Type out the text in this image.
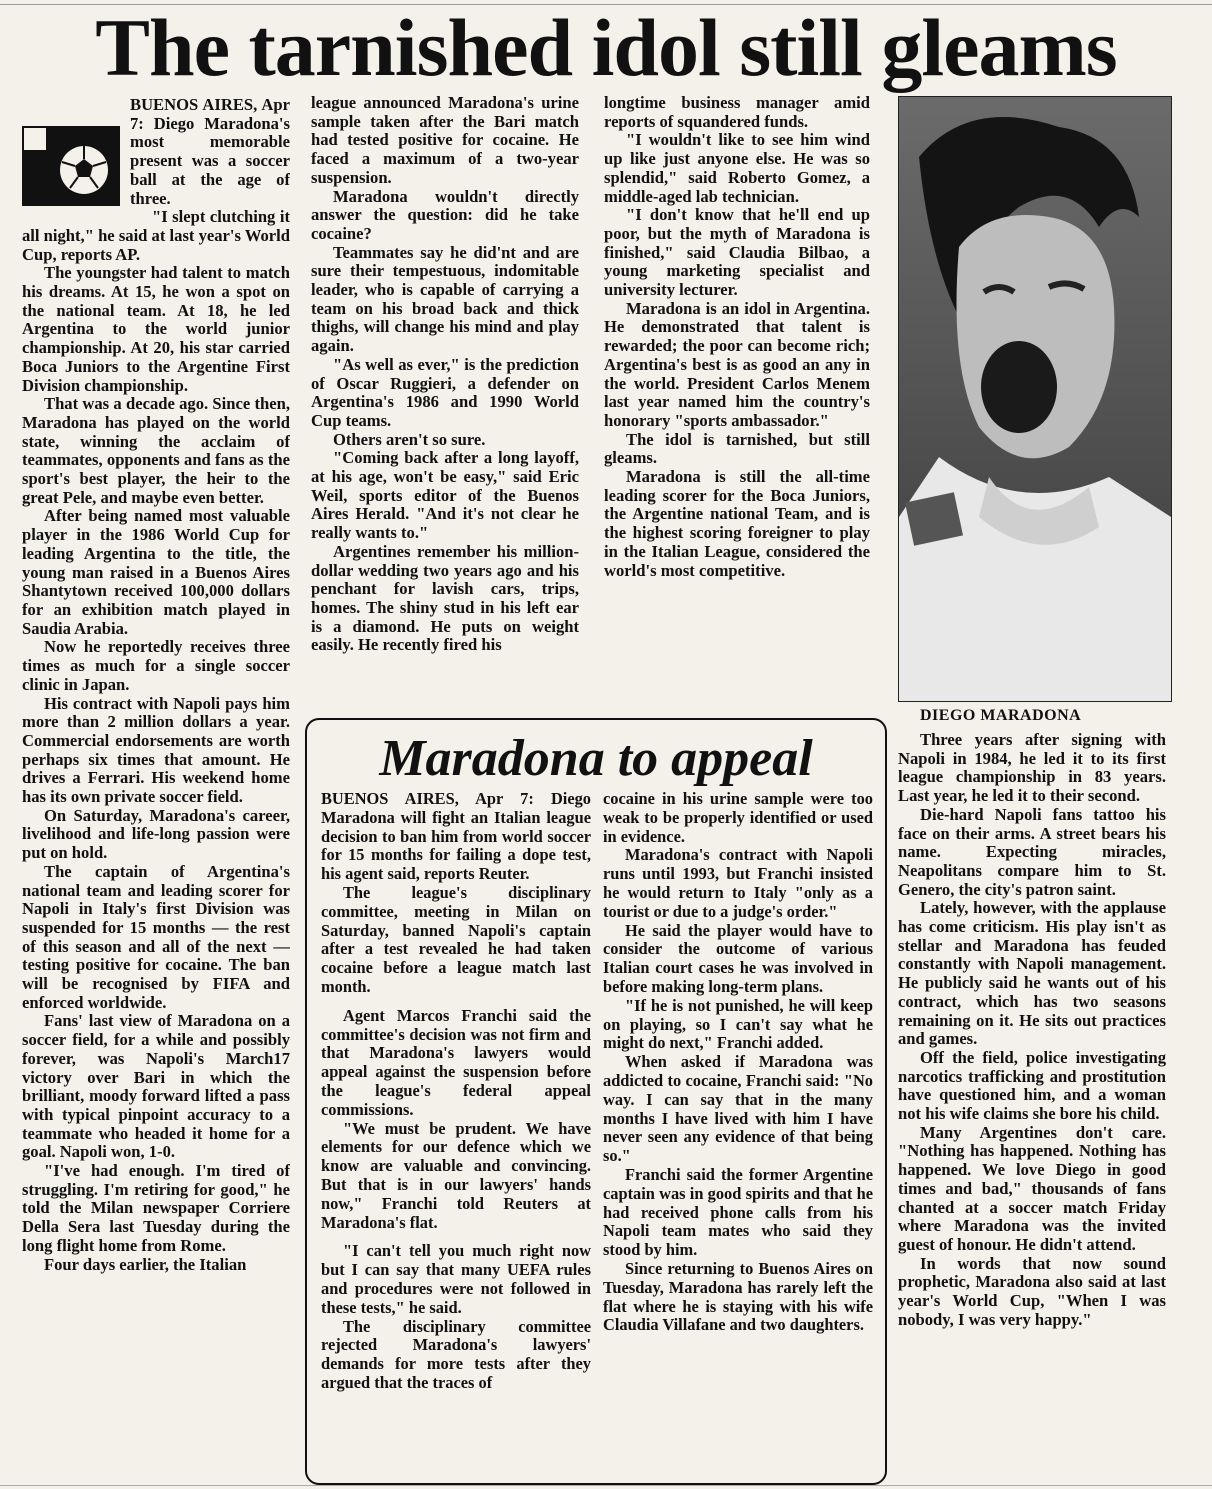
The tarnished idol still gleams

BUENOS AIRES, Apr 7: Diego Maradona's most memorable present was a soccer ball at the age of three.

"I slept clutching it all night," he said at last year's World Cup, reports AP.

The youngster had talent to match his dreams. At 15, he won a spot on the national team. At 18, he led Argentina to the world junior championship. At 20, his star carried Boca Juniors to the Argentine First Division championship.

That was a decade ago. Since then, Maradona has played on the world state, winning the acclaim of teammates, opponents and fans as the sport's best player, the heir to the great Pele, and maybe even better.

After being named most valuable player in the 1986 World Cup for leading Argentina to the title, the young man raised in a Buenos Aires Shantytown received 100,000 dollars for an exhibition match played in Saudia Arabia.

Now he reportedly receives three times as much for a single soccer clinic in Japan.

His contract with Napoli pays him more than 2 million dollars a year. Commercial endorsements are worth perhaps six times that amount. He drives a Ferrari. His weekend home has its own private soccer field.

On Saturday, Maradona's career, livelihood and life-long passion were put on hold.

The captain of Argentina's national team and leading scorer for Napoli in Italy's first Division was suspended for 15 months — the rest of this season and all of the next — testing positive for cocaine. The ban will be recognised by FIFA and enforced worldwide.

Fans' last view of Maradona on a soccer field, for a while and possibly forever, was Napoli's March17 victory over Bari in which the brilliant, moody forward lifted a pass with typical pinpoint accuracy to a teammate who headed it home for a goal. Napoli won, 1-0.

"I've had enough. I'm tired of struggling. I'm retiring for good," he told the Milan newspaper Corriere Della Sera last Tuesday during the long flight home from Rome.

Four days earlier, the Italian

league announced Maradona's urine sample taken after the Bari match had tested positive for cocaine. He faced a maximum of a two-year suspension.

Maradona wouldn't directly answer the question: did he take cocaine?

Teammates say he did'nt and are sure their tempestuous, indomitable leader, who is capable of carrying a team on his broad back and thick thighs, will change his mind and play again.

"As well as ever," is the prediction of Oscar Ruggieri, a defender on Argentina's 1986 and 1990 World Cup teams.

Others aren't so sure.

"Coming back after a long layoff, at his age, won't be easy," said Eric Weil, sports editor of the Buenos Aires Herald. "And it's not clear he really wants to."

Argentines remember his million-dollar wedding two years ago and his penchant for lavish cars, trips, homes. The shiny stud in his left ear is a diamond. He puts on weight easily. He recently fired his

longtime business manager amid reports of squandered funds.

"I wouldn't like to see him wind up like just anyone else. He was so splendid," said Roberto Gomez, a middle-aged lab technician.

"I don't know that he'll end up poor, but the myth of Maradona is finished," said Claudia Bilbao, a young marketing specialist and university lecturer.

Maradona is an idol in Argentina. He demonstrated that talent is rewarded; the poor can become rich; Argentina's best is as good an any in the world. President Carlos Menem last year named him the country's honorary "sports ambassador."

The idol is tarnished, but still gleams.

Maradona is still the all-time leading scorer for the Boca Juniors, the Argentine national Team, and is the highest scoring foreigner to play in the Italian League, considered the world's most competitive.

DIEGO MARADONA

Three years after signing with Napoli in 1984, he led it to its first league championship in 83 years. Last year, he led it to their second.

Die-hard Napoli fans tattoo his face on their arms. A street bears his name. Expecting miracles, Neapolitans compare him to St. Genero, the city's patron saint.

Lately, however, with the applause has come criticism. His play isn't as stellar and Maradona has feuded constantly with Napoli management. He publicly said he wants out of his contract, which has two seasons remaining on it. He sits out practices and games.

Off the field, police investigating narcotics trafficking and prostitution have questioned him, and a woman not his wife claims she bore his child.

Many Argentines don't care. "Nothing has happened. Nothing has happened. We love Diego in good times and bad," thousands of fans chanted at a soccer match Friday where Maradona was the invited guest of honour. He didn't attend.

In words that now sound prophetic, Maradona also said at last year's World Cup, "When I was nobody, I was very happy."

Maradona to appeal

BUENOS AIRES, Apr 7: Diego Maradona will fight an Italian league decision to ban him from world soccer for 15 months for failing a dope test, his agent said, reports Reuter.

The league's disciplinary committee, meeting in Milan on Saturday, banned Napoli's captain after a test revealed he had taken cocaine before a league match last month.

Agent Marcos Franchi said the committee's decision was not firm and that Maradona's lawyers would appeal against the suspension before the league's federal appeal commissions.

"We must be prudent. We have elements for our defence which we know are valuable and convincing. But that is in our lawyers' hands now," Franchi told Reuters at Maradona's flat.

"I can't tell you much right now but I can say that many UEFA rules and procedures were not followed in these tests," he said.

The disciplinary committee rejected Maradona's lawyers' demands for more tests after they argued that the traces of

cocaine in his urine sample were too weak to be properly identified or used in evidence.

Maradona's contract with Napoli runs until 1993, but Franchi insisted he would return to Italy "only as a tourist or due to a judge's order."

He said the player would have to consider the outcome of various Italian court cases he was involved in before making long-term plans.

"If he is not punished, he will keep on playing, so I can't say what he might do next," Franchi added.

When asked if Maradona was addicted to cocaine, Franchi said: "No way. I can say that in the many months I have lived with him I have never seen any evidence of that being so."

Franchi said the former Argentine captain was in good spirits and that he had received phone calls from his Napoli team mates who said they stood by him.

Since returning to Buenos Aires on Tuesday, Maradona has rarely left the flat where he is staying with his wife Claudia Villafane and two daughters.
